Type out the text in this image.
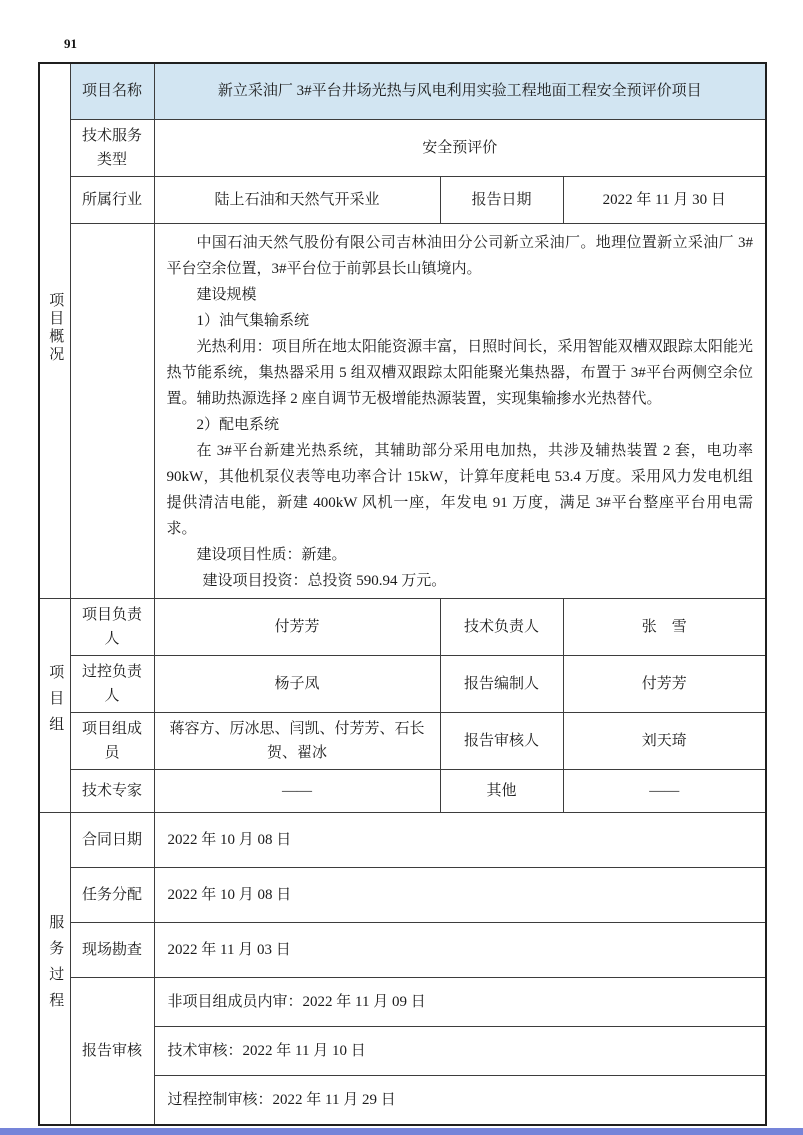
91
项目概况	项目名称	新立采油厂 3#平台井场光热与风电利用实验工程地面工程安全预评价项目		
	技术服务类型	安全预评价		
	所属行业	陆上石油和天然气开采业	报告日期	2022 年 11 月 30 日

中国石油天然气股份有限公司吉林油田分公司新立采油厂。地理位置新立采油厂 3#平台空余位置，3#平台位于前郭县长山镇境内。
建设规模
1）油气集输系统
光热利用：项目所在地太阳能资源丰富，日照时间长，采用智能双槽双跟踪太阳能光热节能系统，集热器采用 5 组双槽双跟踪太阳能聚光集热器，布置于 3#平台两侧空余位置。辅助热源选择 2 座自调节无极增能热源装置，实现集输掺水光热替代。
2）配电系统
在 3#平台新建光热系统，其辅助部分采用电加热，共涉及辅热装置 2 套，电功率 90kW，其他机泵仪表等电功率合计 15kW，计算年度耗电 53.4 万度。采用风力发电机组提供清洁电能，新建 400kW 风机一座，年发电 91 万度，满足 3#平台整座平台用电需求。
建设项目性质：新建。
建设项目投资：总投资 590.94 万元。

项目组	项目负责人	付芳芳	技术负责人	张　雪
	过控负责人	杨子凤	报告编制人	付芳芳
	项目组成员	蒋容方、厉冰思、闫凯、付芳芳、石长贺、翟冰	报告审核人	刘天琦
	技术专家	——	其他	——
服务过程	合同日期	2022 年 10 月 08 日		
	任务分配	2022 年 10 月 08 日		
	现场勘查	2022 年 11 月 03 日		
	报告审核	非项目组成员内审：2022 年 11 月 09 日		
		技术审核：2022 年 11 月 10 日		
		过程控制审核：2022 年 11 月 29 日		
